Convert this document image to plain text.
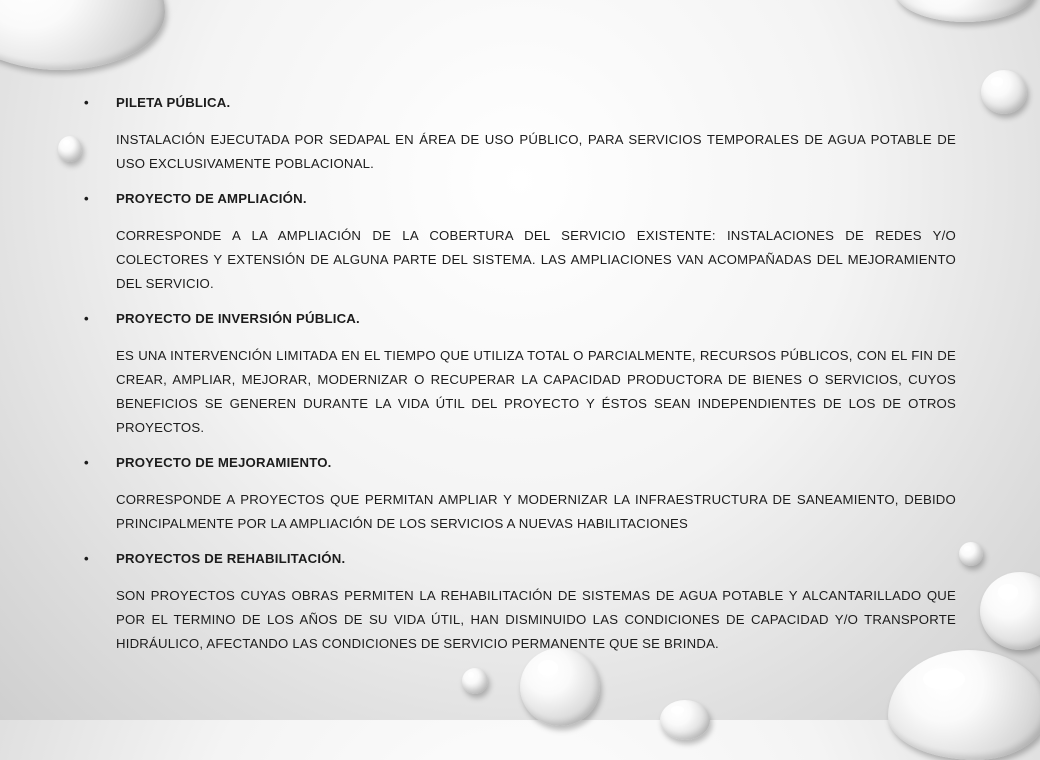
• PILETA PÚBLICA.
INSTALACIÓN EJECUTADA POR SEDAPAL EN ÁREA DE USO PÚBLICO, PARA SERVICIOS TEMPORALES DE AGUA POTABLE DE USO EXCLUSIVAMENTE POBLACIONAL.
• PROYECTO DE AMPLIACIÓN.
CORRESPONDE A LA AMPLIACIÓN DE LA COBERTURA DEL SERVICIO EXISTENTE: INSTALACIONES DE REDES Y/O COLECTORES Y EXTENSIÓN DE ALGUNA PARTE DEL SISTEMA. LAS AMPLIACIONES VAN ACOMPAÑADAS DEL MEJORAMIENTO DEL SERVICIO.
• PROYECTO DE INVERSIÓN PÚBLICA.
ES UNA INTERVENCIÓN LIMITADA EN EL TIEMPO QUE UTILIZA TOTAL O PARCIALMENTE, RECURSOS PÚBLICOS, CON EL FIN DE CREAR, AMPLIAR, MEJORAR, MODERNIZAR O RECUPERAR LA CAPACIDAD PRODUCTORA DE BIENES O SERVICIOS, CUYOS BENEFICIOS SE GENEREN DURANTE LA VIDA ÚTIL DEL PROYECTO Y ÉSTOS SEAN INDEPENDIENTES DE LOS DE OTROS PROYECTOS.
• PROYECTO DE MEJORAMIENTO.
CORRESPONDE A PROYECTOS QUE PERMITAN AMPLIAR Y MODERNIZAR LA INFRAESTRUCTURA DE SANEAMIENTO, DEBIDO PRINCIPALMENTE POR LA AMPLIACIÓN DE LOS SERVICIOS A NUEVAS HABILITACIONES
• PROYECTOS DE REHABILITACIÓN.
SON PROYECTOS CUYAS OBRAS PERMITEN LA REHABILITACIÓN DE SISTEMAS DE AGUA POTABLE Y ALCANTARILLADO QUE POR EL TERMINO DE LOS AÑOS DE SU VIDA ÚTIL, HAN DISMINUIDO LAS CONDICIONES DE CAPACIDAD Y/O TRANSPORTE HIDRÁULICO, AFECTANDO LAS CONDICIONES DE SERVICIO PERMANENTE QUE SE BRINDA.
